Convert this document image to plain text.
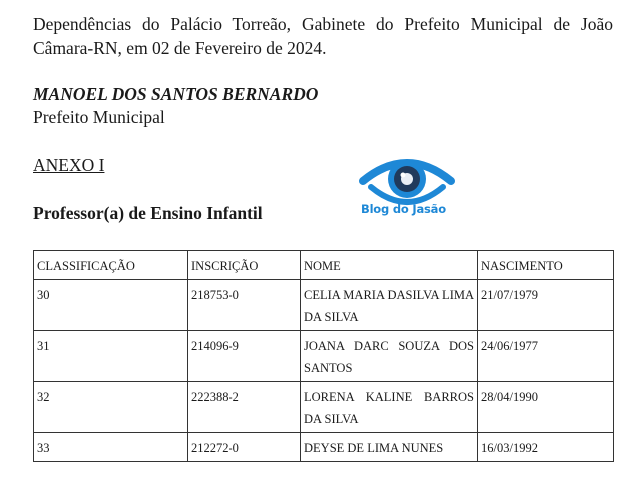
Dependências do Palácio Torreão, Gabinete do Prefeito Municipal de João Câmara-RN, em 02 de Fevereiro de 2024.
MANOEL DOS SANTOS BERNARDO
Prefeito Municipal
ANEXO I
Professor(a) de Ensino Infantil	Blog do Jasão
CLASSIFICAÇÃO	INSCRIÇÃO	NOME	NASCIMENTO
30	218753-0	CELIA MARIA DASILVA LIMA DA SILVA	21/07/1979
31	214096-9	JOANA DARC SOUZA DOS SANTOS	24/06/1977
32	222388-2	LORENA KALINE BARROS DA SILVA	28/04/1990
33	212272-0	DEYSE DE LIMA NUNES	16/03/1992
